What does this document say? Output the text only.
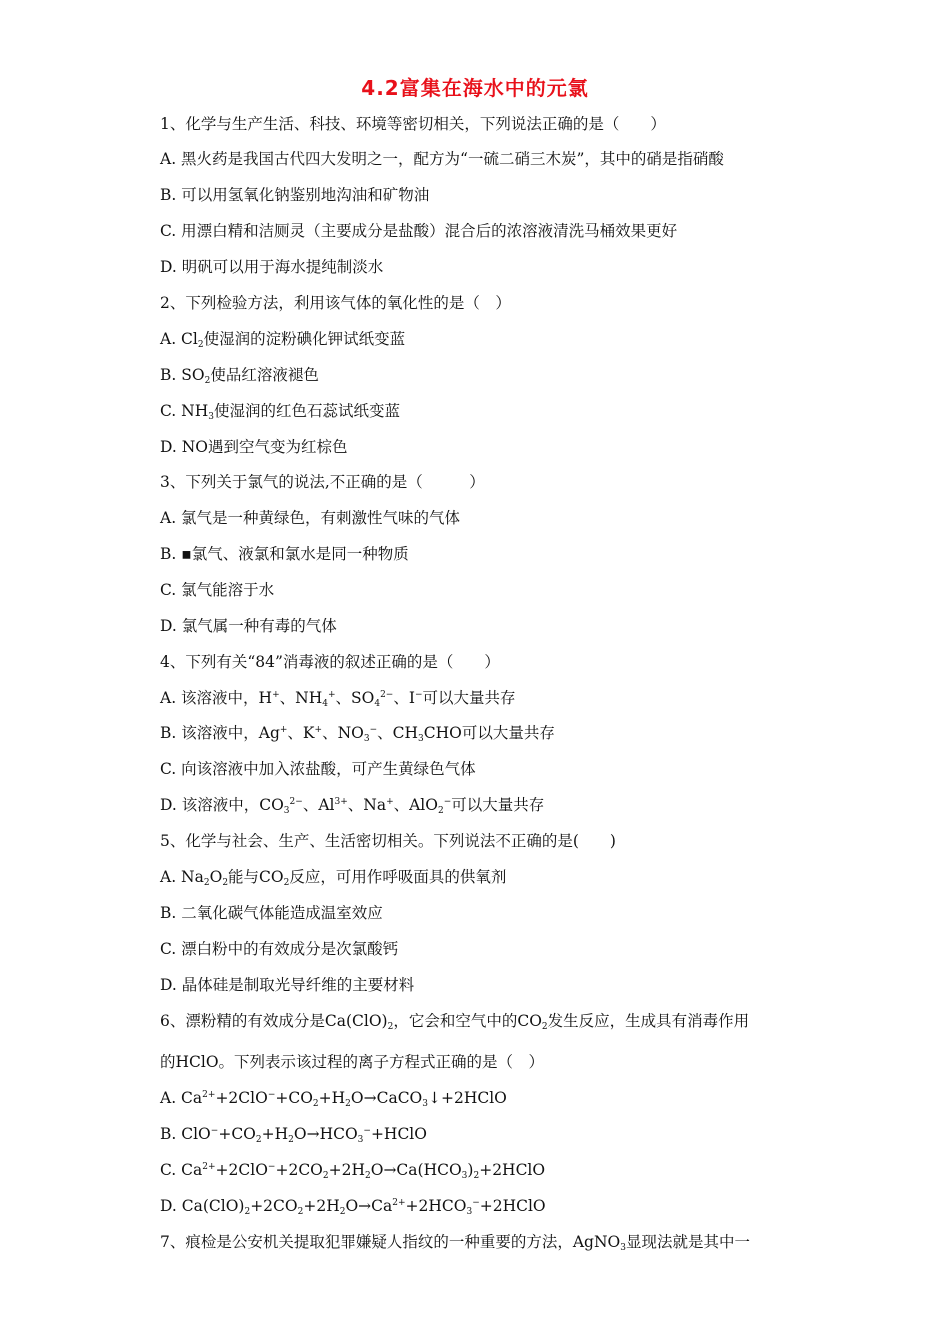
4.2富集在海水中的元氯
1、化学与生产生活、科技、环境等密切相关，下列说法正确的是（　　）
A. 黑火药是我国古代四大发明之一，配方为“一硫二硝三木炭”，其中的硝是指硝酸
B. 可以用氢氧化钠鉴别地沟油和矿物油
C. 用漂白精和洁厕灵（主要成分是盐酸）混合后的浓溶液清洗马桶效果更好
D. 明矾可以用于海水提纯制淡水
2、下列检验方法，利用该气体的氧化性的是（　）
A. $Cl_2$使湿润的淀粉碘化钾试纸变蓝
B. $SO_2$使品红溶液褪色
C. $NH_3$使湿润的红色石蕊试纸变蓝
D. NO遇到空气变为红棕色
3、下列关于氯气的说法,不正确的是（　　　）
A. 氯气是一种黄绿色，有刺激性气味的气体
B. ▪氯气、液氯和氯水是同一种物质
C. 氯气能溶于水
D. 氯气属一种有毒的气体
4、下列有关“84”消毒液的叙述正确的是（　　）
A. 该溶液中，H+、$NH_4^+$、$SO_4^{2-}$、I−可以大量共存
B. 该溶液中，Ag+、K+、$NO_3^-$、$CH_3CHO$可以大量共存
C. 向该溶液中加入浓盐酸，可产生黄绿色气体
D. 该溶液中，$CO_3^{2-}$、$Al^{3+}$、Na+、AlO$_2$−可以大量共存
5、化学与社会、生产、生活密切相关。下列说法不正确的是(　　)
A. $Na_2O_2$能与$CO_2$反应，可用作呼吸面具的供氧剂
B. 二氧化碳气体能造成温室效应
C. 漂白粉中的有效成分是次氯酸钙
D. 晶体硅是制取光导纤维的主要材料
6、漂粉精的有效成分是$Ca(ClO)_2$，它会和空气中的$CO_2$发生反应，生成具有消毒作用
的HClO。下列表示该过程的离子方程式正确的是（　）
A. $Ca^{2+}+2ClO^-+CO_2+H_2O\to CaCO_3↓+2HClO$
B. $ClO^-+CO_2+H_2O\to HCO_3^-+HClO$
C. $Ca^{2+}+2ClO^-+2CO_2+2H_2O\to Ca(HCO_3)_2+2HClO$
D. $Ca(ClO)_2+2CO_2+2H_2O\to Ca^{2+}+2HCO_3^-+2HClO$
7、痕检是公安机关提取犯罪嫌疑人指纹的一种重要的方法，AgNO$_3$显现法就是其中一
